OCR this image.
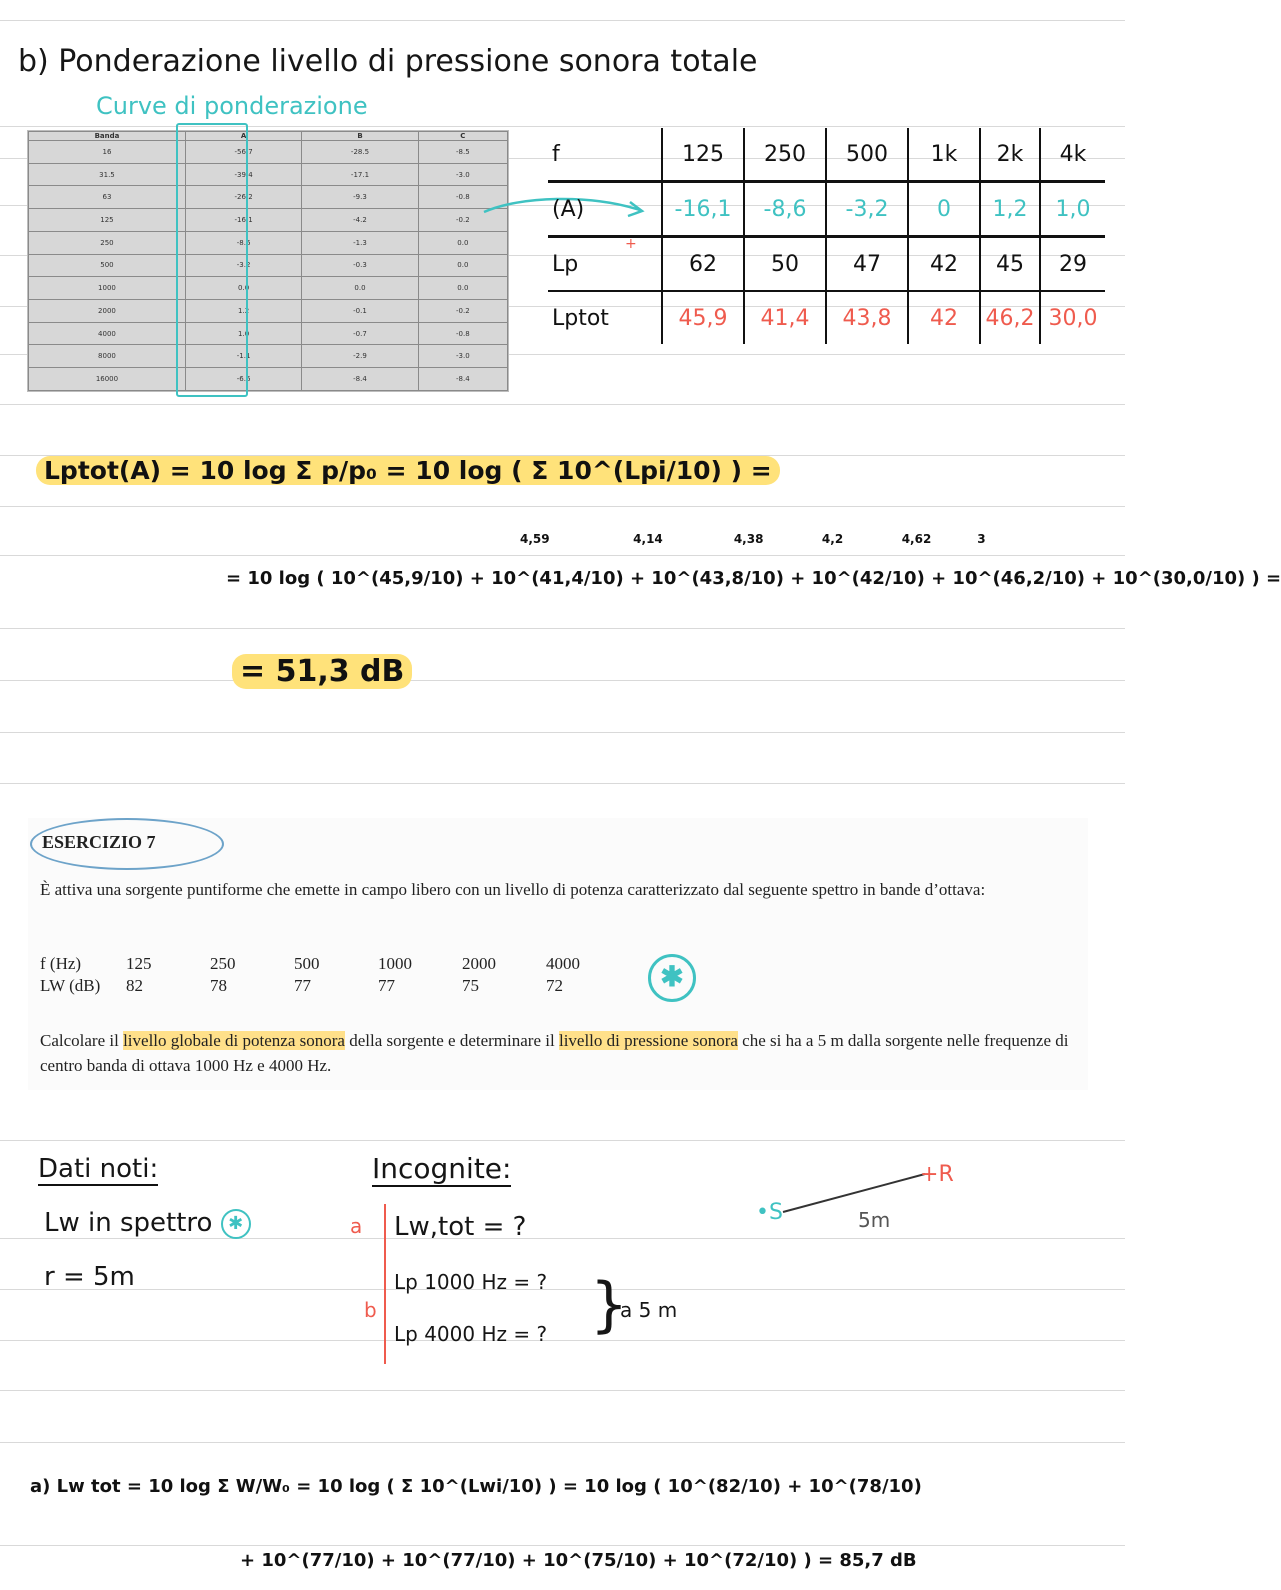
b) Ponderazione livello di pressione sonora totale
Curve di ponderazione
Banda	A	B	C
16	-56.7	-28.5	-8.5
31.5	-39.4	-17.1	-3.0
63	-26.2	-9.3	-0.8
125	-16.1	-4.2	-0.2
250	-8.6	-1.3	0.0
500	-3.2	-0.3	0.0
1000	0.0	0.0	0.0
2000	1.2	-0.1	-0.2
4000	1.0	-0.7	-0.8
8000	-1.1	-2.9	-3.0
16000	-6.6	-8.4	-8.4
+
f	125	250	500	1k	2k	4k
(A)	-16,1	-8,6	-3,2	0	1,2	1,0
Lp	62	50	47	42	45	29
Lptot	45,9	41,4	43,8	42	46,2	30,0
Lptot(A) = 10 log Σ p/p₀ = 10 log ( Σ 10^(Lpi/10) ) =
= 10 log ( 10^(45,9/10) + 10^(41,4/10) + 10^(43,8/10) + 10^(42/10) + 10^(46,2/10) + 10^(30,0/10) ) =
4,59	4,14	4,38	4,2	4,62	3
= 51,3 dB
ESERCIZIO 7
È attiva una sorgente puntiforme che emette in campo libero con un livello di potenza caratterizzato dal seguente spettro in bande d’ottava:
f (Hz)	125	250	500	1000	2000	4000
LW (dB)	82	78	77	77	75	72	✱
Calcolare il livello globale di potenza sonora della sorgente e determinare il livello di pressione sonora che si ha a 5 m dalla sorgente nelle frequenze di centro banda di ottava 1000 Hz e 4000 Hz.
Dati noti:
Lw in spettro ✱
r = 5m
Incognite:
a
b
Lw,tot = ?
Lp 1000 Hz = ?
Lp 4000 Hz = ? }
a 5 m
•S
+R
5m
a) Lw tot = 10 log Σ W/W₀ = 10 log ( Σ 10^(Lwi/10) ) = 10 log ( 10^(82/10) + 10^(78/10)
+ 10^(77/10) + 10^(77/10) + 10^(75/10) + 10^(72/10) ) = 85,7 dB
